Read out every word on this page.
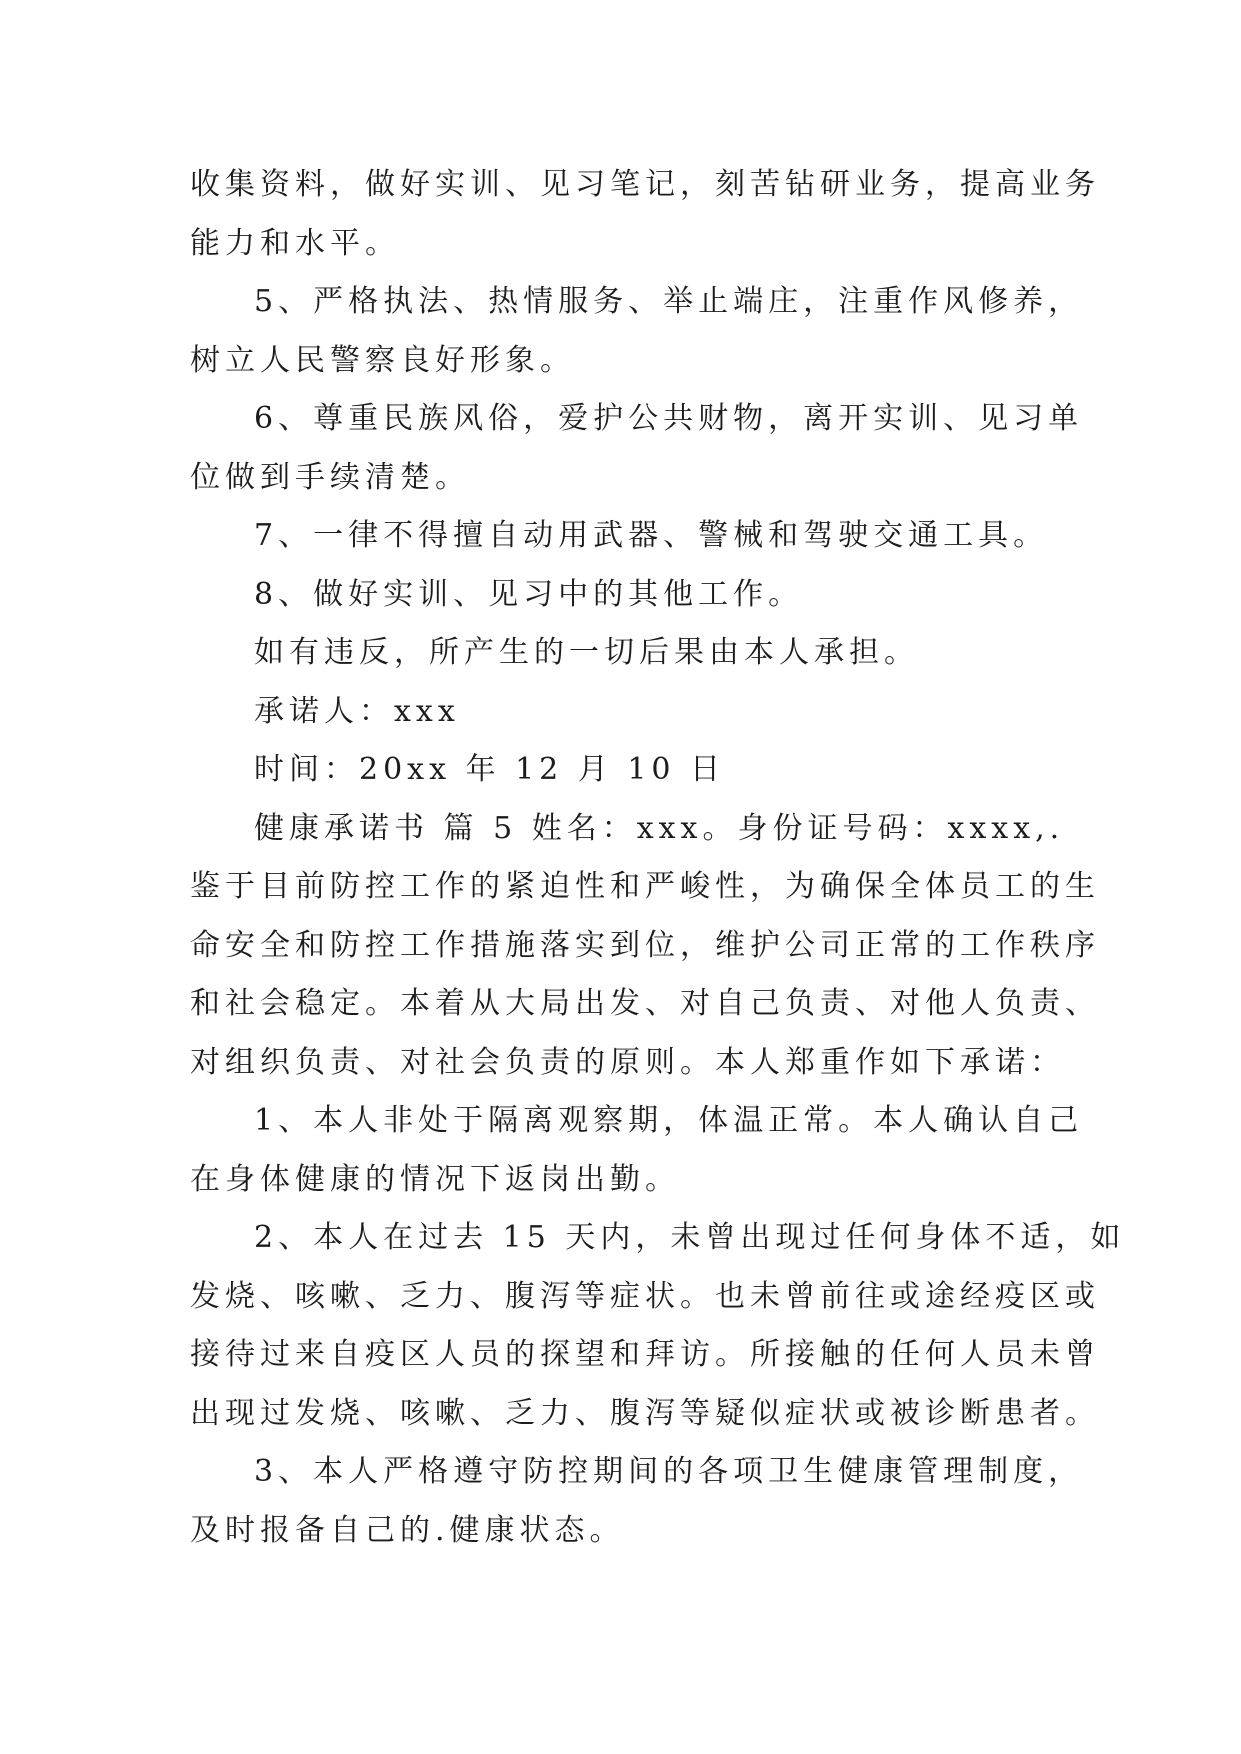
收集资料，做好实训、见习笔记，刻苦钻研业务，提高业务
能力和水平。
5、严格执法、热情服务、举止端庄，注重作风修养，
树立人民警察良好形象。
6、尊重民族风俗，爱护公共财物，离开实训、见习单
位做到手续清楚。
7、一律不得擅自动用武器、警械和驾驶交通工具。
8、做好实训、见习中的其他工作。
如有违反，所产生的一切后果由本人承担。
承诺人：xxx
时间：20xx 年 12 月 10 日
健康承诺书 篇 5 姓名：xxx。身份证号码：xxxx,.
鉴于目前防控工作的紧迫性和严峻性，为确保全体员工的生
命安全和防控工作措施落实到位，维护公司正常的工作秩序
和社会稳定。本着从大局出发、对自己负责、对他人负责、
对组织负责、对社会负责的原则。本人郑重作如下承诺：
1、本人非处于隔离观察期，体温正常。本人确认自己
在身体健康的情况下返岗出勤。
2、本人在过去 15 天内，未曾出现过任何身体不适，如
发烧、咳嗽、乏力、腹泻等症状。也未曾前往或途经疫区或
接待过来自疫区人员的探望和拜访。所接触的任何人员未曾
出现过发烧、咳嗽、乏力、腹泻等疑似症状或被诊断患者。
3、本人严格遵守防控期间的各项卫生健康管理制度，
及时报备自己的.健康状态。
